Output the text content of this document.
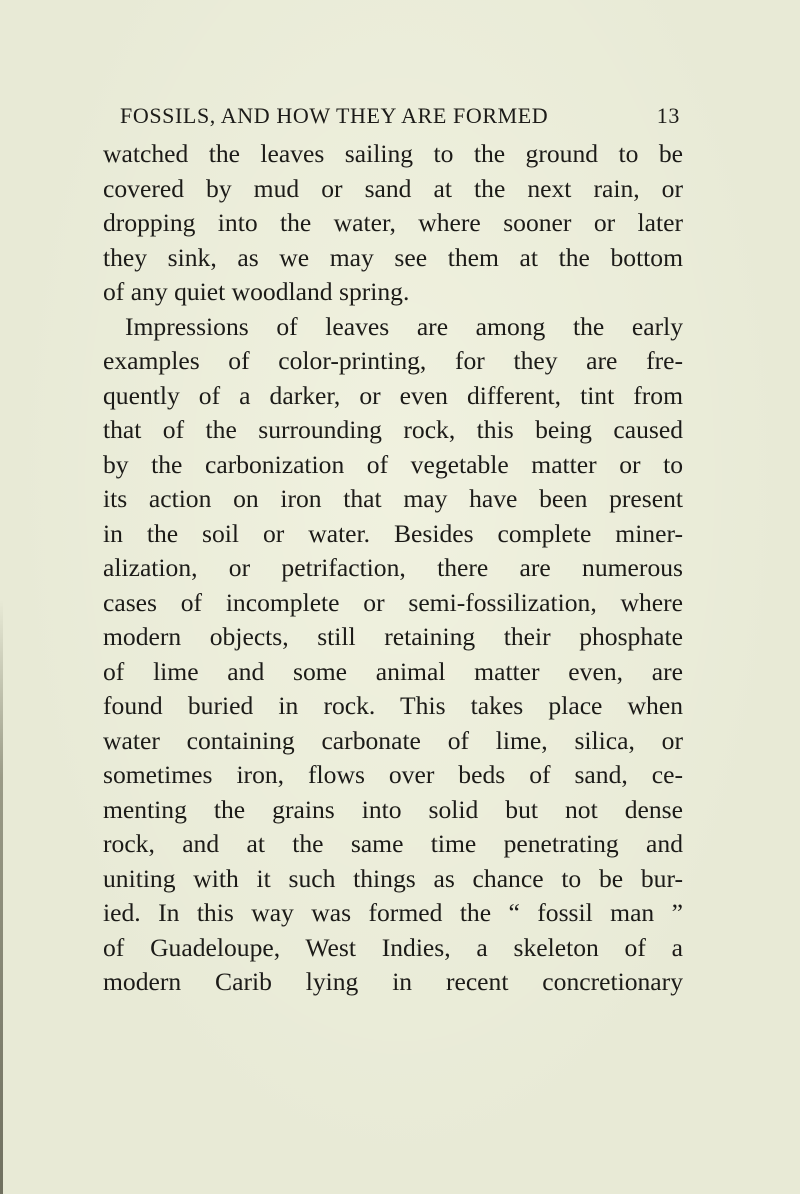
FOSSILS, AND HOW THEY ARE FORMED	13
watched the leaves sailing to the ground to be
covered by mud or sand at the next rain, or
dropping into the water, where sooner or later
they sink, as we may see them at the bottom
of any quiet woodland spring.
Impressions of leaves are among the early
examples of color-printing, for they are fre-
quently of a darker, or even different, tint from
that of the surrounding rock, this being caused
by the carbonization of vegetable matter or to
its action on iron that may have been present
in the soil or water. Besides complete miner-
alization, or petrifaction, there are numerous
cases of incomplete or semi-fossilization, where
modern objects, still retaining their phosphate
of lime and some animal matter even, are
found buried in rock. This takes place when
water containing carbonate of lime, silica, or
sometimes iron, flows over beds of sand, ce-
menting the grains into solid but not dense
rock, and at the same time penetrating and
uniting with it such things as chance to be bur-
ied. In this way was formed the “ fossil man ”
of Guadeloupe, West Indies, a skeleton of a
modern Carib lying in recent concretionary
